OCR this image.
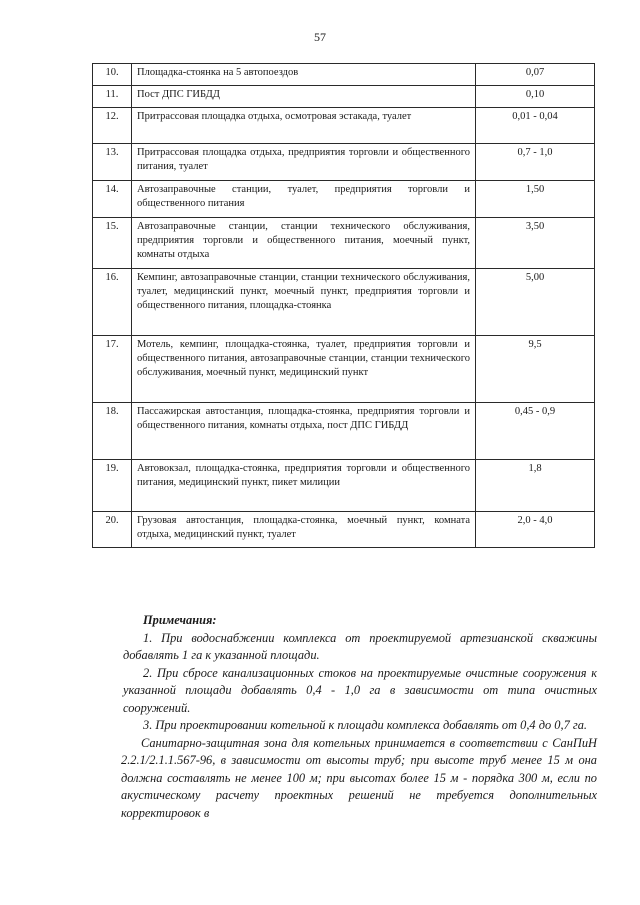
57
10.	Площадка-стоянка на 5 автопоездов	0,07
11.	Пост ДПС ГИБДД	0,10
12.	Притрассовая площадка отдыха, осмотровая эстакада, туалет	0,01 - 0,04
13.	Притрассовая площадка отдыха, предприятия торговли и общественного питания, туалет	0,7 - 1,0
14.	Автозаправочные станции, туалет, предприятия торговли и общественного питания	1,50
15.	Автозаправочные станции, станции технического обслуживания, предприятия торговли и общественного питания, моечный пункт, комнаты отдыха	3,50
16.	Кемпинг, автозаправочные станции, станции технического обслуживания, туалет, медицинский пункт, моечный пункт, предприятия торговли и общественного питания, площадка-стоянка	5,00
17.	Мотель, кемпинг, площадка-стоянка, туалет, предприятия торговли и общественного питания, автозаправочные станции, станции технического обслуживания, моечный пункт, медицинский пункт	9,5
18.	Пассажирская автостанция, площадка-стоянка, предприятия торговли и общественного питания, комнаты отдыха, пост ДПС ГИБДД	0,45 - 0,9
19.	Автовокзал, площадка-стоянка, предприятия торговли и общественного питания, медицинский пункт, пикет милиции	1,8
20.	Грузовая автостанция, площадка-стоянка, моечный пункт, комната отдыха, медицинский пункт, туалет	2,0 - 4,0

Примечания:

1. При водоснабжении комплекса от проектируемой артезианской скважины добавлять 1 га к указанной площади.

2. При сбросе канализационных стоков на проектируемые очистные сооружения к указанной площади добавлять 0,4 - 1,0 га в зависимости от типа очистных сооружений.

3. При проектировании котельной к площади комплекса добавлять от 0,4 до 0,7 га.

Санитарно-защитная зона для котельных принимается в соответствии с СанПиН 2.2.1/2.1.1.567-96, в зависимости от высоты труб; при высоте труб менее 15 м она должна составлять не менее 100 м; при высотах более 15 м - порядка 300 м, если по акустическому расчету проектных решений не требуется дополнительных корректировок в
